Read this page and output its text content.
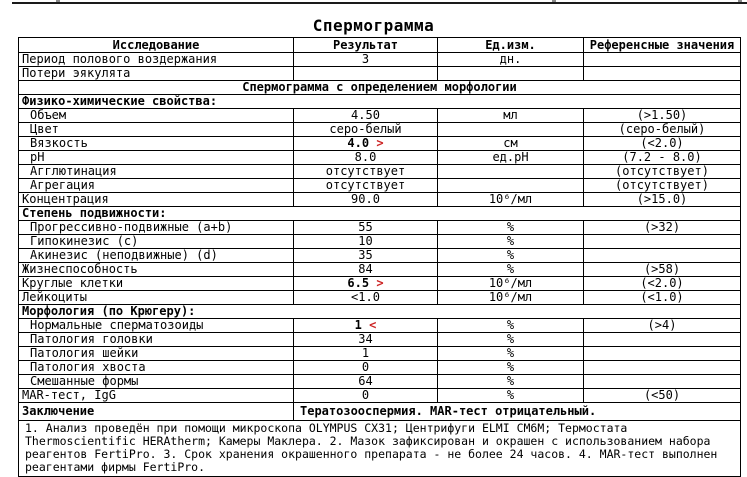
Спермограмма
Исследование	Результат	Ед.изм.	Референсные значения
Период полового воздержания	3	дн.	
Потери эякулята			
Спермограмма с определением морфологии			
Физико-химические свойства:			
Объем	4.50	мл	(>1.50)
Цвет	серо-белый		(серо-белый)
Вязкость	4.0 >	см	(<2.0)
pH	8.0	ед.pH	(7.2 - 8.0)
Агглютинация	отсутствует		(отсутствует)
Агрегация	отсутствует		(отсутствует)
Концентрация	90.0	10⁶/мл	(>15.0)
Степень подвижности:			
Прогрессивно-подвижные (a+b)	55	%	(>32)
Гипокинезис (c)	10	%	
Акинезис (неподвижные) (d)	35	%	
Жизнеспособность	84	%	(>58)
Круглые клетки	6.5 >	10⁶/мл	(<2.0)
Лейкоциты	<1.0	10⁶/мл	(<1.0)
Морфология (по Крюгеру):			
Нормальные сперматозоиды	1 <	%	(>4)
Патология головки	34	%	
Патология шейки	1	%	
Патология хвоста	0	%	
Смешанные формы	64	%	
MAR-тест, IgG	0	%	(<50)
Заключение	Тератозооспермия. MAR-тест отрицательный.		
1. Анализ проведён при помощи микроскопа OLYMPUS CX31; Центрифуги ELMI CM6M; Термостата Thermoscientific HERAtherm; Камеры Маклера. 2. Мазок зафиксирован и окрашен с использованием набора реагентов FertiPro. 3. Срок хранения окрашенного препарата - не более 24 часов. 4. MAR-тест выполнен реагентами фирмы FertiPro.			
